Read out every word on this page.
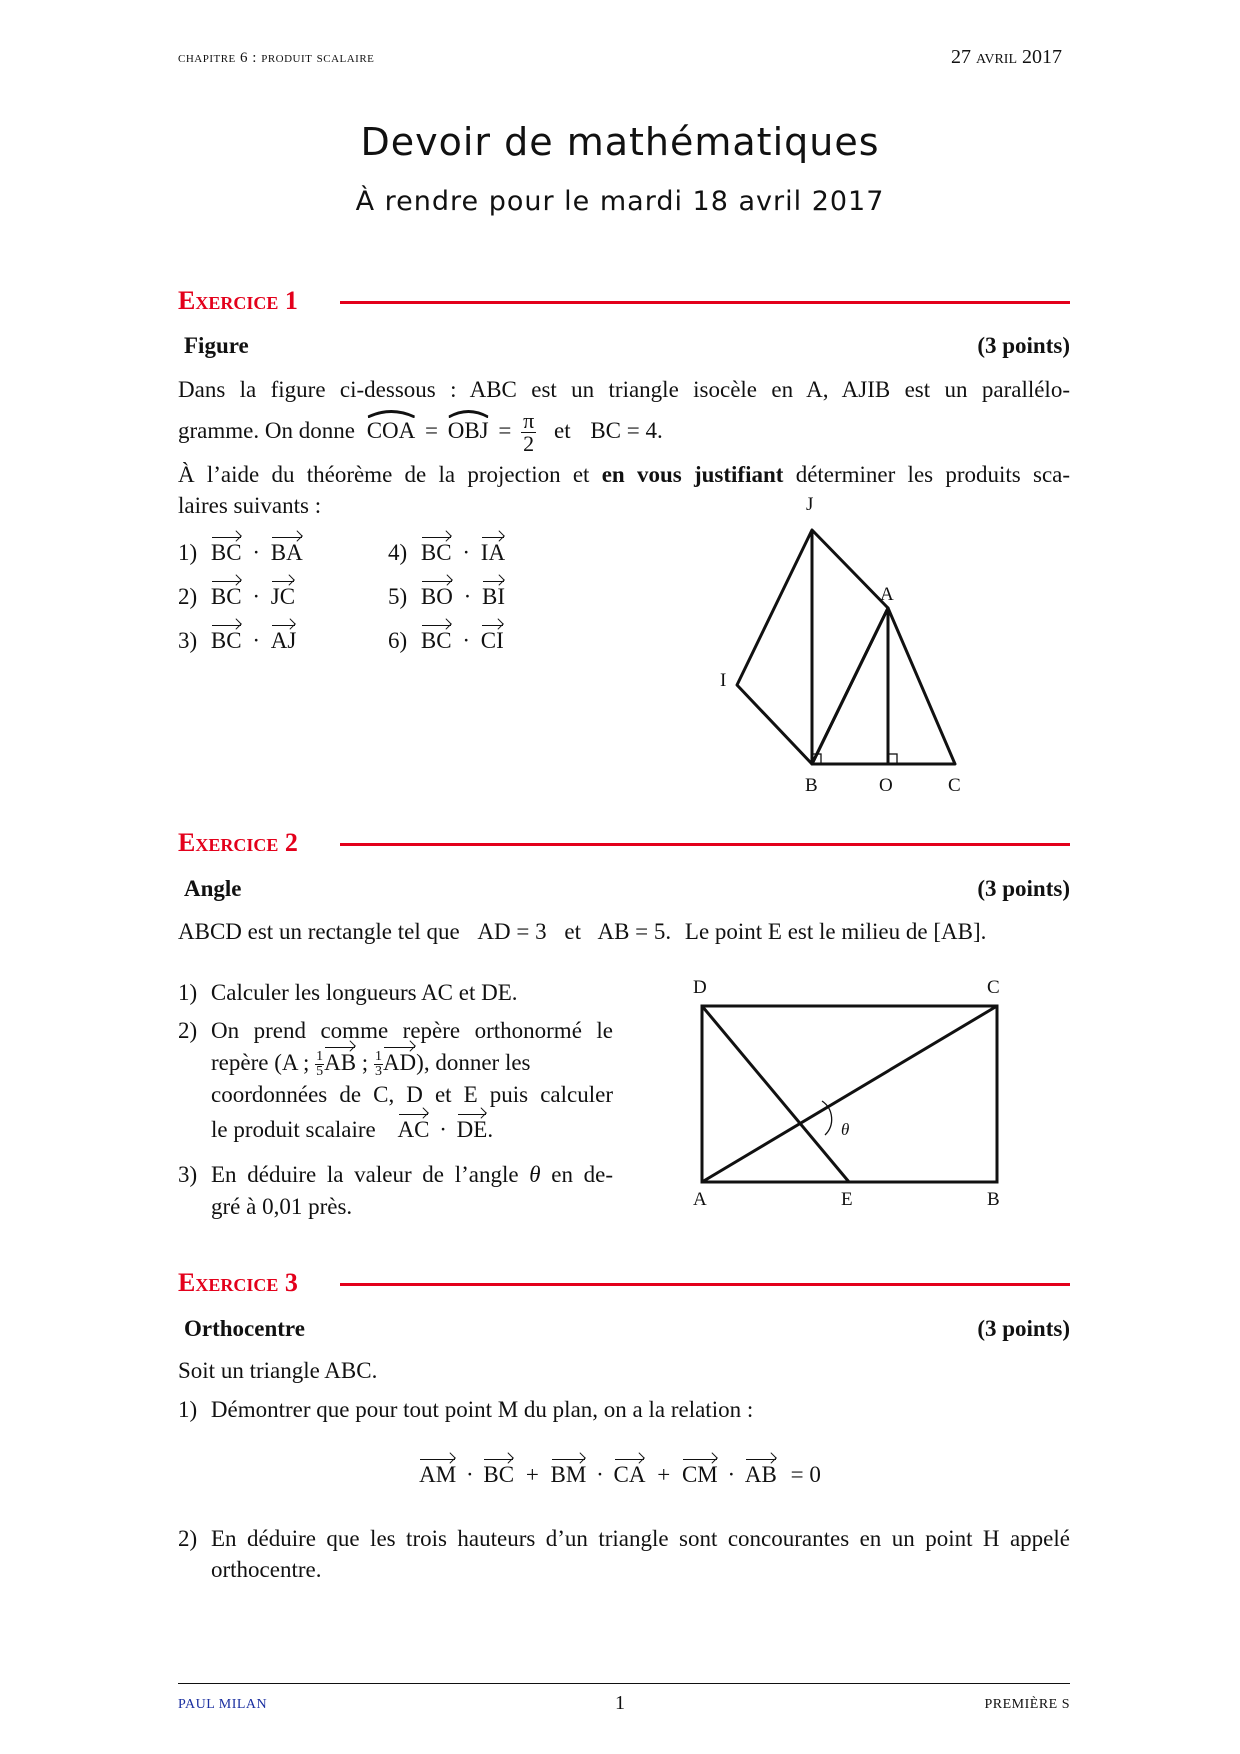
chapitre 6 : produit scalaire	27 avril 2017
Devoir de mathématiques
À rendre pour le mardi 18 avril 2017
Exercice 1
Figure	(3 points)
Dans la figure ci-dessous : ABC est un triangle isocèle en A, AJIB est un parallélo-
gramme. On donne COA = OBJ = $\frac{\pi}{2}$ et BC = 4.
À l’aide du théorème de la projection et en vous justifiant déterminer les produits sca-
laires suivants :
1) BC · BA
2) BC · JC
3) BC · AJ
4) BC · IA
5) BO · BI
6) BC · CI
J
A
I
B	O	C
Exercice 2
Angle	(3 points)
ABCD est un rectangle tel que AD = 3 et AB = 5. Le point E est le milieu de [AB].
1) Calculer les longueurs AC et DE.
2) On prend comme repère orthonormé le
repère (A ; $\frac{1}{5}$ AB ; $\frac{1}{3} AD$), donner les
coordonnées de C, D et E puis calculer
le produit scalaire AC · DE.
3) En déduire la valeur de l’angle θ en de-
gré à 0,01 près.
D	C
A	E	B
θ
Exercice 3
Orthocentre	(3 points)
Soit un triangle ABC.
1) Démontrer que pour tout point M du plan, on a la relation :
AM · BC + BM · CA + CM · AB = 0
2) En déduire que les trois hauteurs d’un triangle sont concourantes en un point H appelé
orthocentre.
PAUL MILAN	1	PREMIÈRE S
